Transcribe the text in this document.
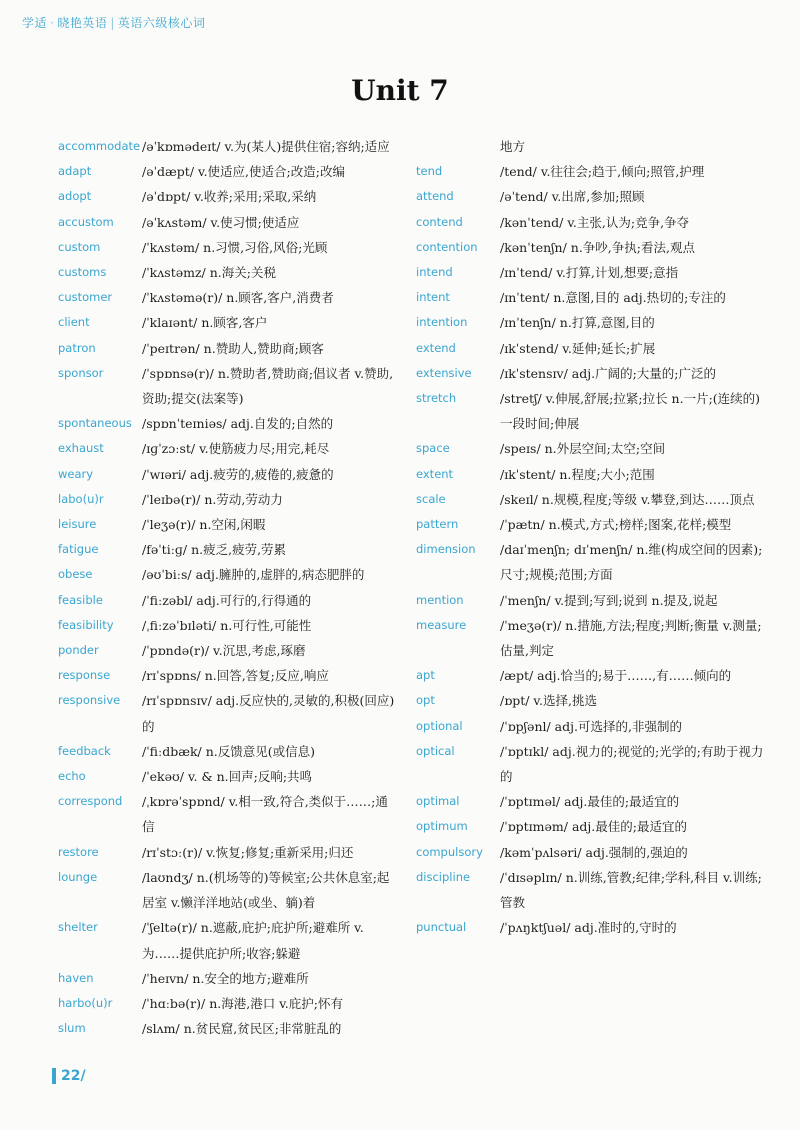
学适 · 晓艳英语 | 英语六级核心词
Unit 7
accommodate /əˈkɒmədeɪt/ v.为(某人)提供住宿;容纳;适应
adapt	/əˈdæpt/ v.使适应,使适合;改造;改编
adopt	/əˈdɒpt/ v.收养;采用;采取,采纳
accustom	/əˈkʌstəm/ v.使习惯;使适应
custom	/ˈkʌstəm/ n.习惯,习俗,风俗;光顾
customs	/ˈkʌstəmz/ n.海关;关税
customer	/ˈkʌstəmə(r)/ n.顾客,客户,消费者
client	/ˈklaɪənt/ n.顾客,客户
patron	/ˈpeɪtrən/ n.赞助人,赞助商;顾客
sponsor	/ˈspɒnsə(r)/ n.赞助者,赞助商;倡议者 v.赞助,资助;提交(法案等)
spontaneous /spɒnˈteɪniəs/ adj.自发的;自然的
exhaust	/ɪɡˈzɔːst/ v.使筋疲力尽;用完,耗尽
weary	/ˈwɪəri/ adj.疲劳的,疲倦的,疲惫的
labo(u)r	/ˈleɪbə(r)/ n.劳动,劳动力
leisure	/ˈleʒə(r)/ n.空闲,闲暇
fatigue	/fəˈtiːɡ/ n.疲乏,疲劳,劳累
obese	/əʊˈbiːs/ adj.臃肿的,虚胖的,病态肥胖的
feasible	/ˈfiːzəbl/ adj.可行的,行得通的
feasibility	/ˌfiːzəˈbɪləti/ n.可行性,可能性
ponder	/ˈpɒndə(r)/ v.沉思,考虑,琢磨
response	/rɪˈspɒns/ n.回答,答复;反应,响应
responsive	/rɪˈspɒnsɪv/ adj.反应快的,灵敏的,积极(回应)的
feedback	/ˈfiːdbæk/ n.反馈意见(或信息)
echo	/ˈekəʊ/ v. & n.回声;反响;共鸣
correspond	/ˌkɒrəˈspɒnd/ v.相一致,符合,类似于……;通信
restore	/rɪˈstɔː(r)/ v.恢复;修复;重新采用;归还
lounge	/laʊndʒ/ n.(机场等的)等候室;公共休息室;起居室 v.懒洋洋地站(或坐、躺)着
shelter	/ˈʃeltə(r)/ n.遮蔽,庇护;庇护所;避难所 v.为……提供庇护所;收容;躲避
haven	/ˈheɪvn/ n.安全的地方;避难所
harbo(u)r	/ˈhɑːbə(r)/ n.海港,港口 v.庇护;怀有
slum	/slʌm/ n.贫民窟,贫民区;非常脏乱的
地方
tend	/tend/ v.往往会;趋于,倾向;照管,护理
attend	/əˈtend/ v.出席,参加;照顾
contend	/kənˈtend/ v.主张,认为;竞争,争夺
contention	/kənˈtenʃn/ n.争吵,争执;看法,观点
intend	/ɪnˈtend/ v.打算,计划,想要;意指
intent	/ɪnˈtent/ n.意图,目的 adj.热切的;专注的
intention	/ɪnˈtenʃn/ n.打算,意图,目的
extend	/ɪkˈstend/ v.延伸;延长;扩展
extensive	/ɪkˈstensɪv/ adj.广阔的;大量的;广泛的
stretch	/stretʃ/ v.伸展,舒展;拉紧;拉长 n.一片;(连续的)一段时间;伸展
space	/speɪs/ n.外层空间;太空;空间
extent	/ɪkˈstent/ n.程度;大小;范围
scale	/skeɪl/ n.规模,程度;等级 v.攀登,到达……顶点
pattern	/ˈpætn/ n.模式,方式;榜样;图案,花样;模型
dimension	/daɪˈmenʃn; dɪˈmenʃn/ n.维(构成空间的因素);尺寸;规模;范围;方面
mention	/ˈmenʃn/ v.提到;写到;说到 n.提及,说起
measure	/ˈmeʒə(r)/ n.措施,方法;程度;判断;衡量 v.测量;估量,判定
apt	/æpt/ adj.恰当的;易于……,有……倾向的
opt	/ɒpt/ v.选择,挑选
optional	/ˈɒpʃənl/ adj.可选择的,非强制的
optical	/ˈɒptɪkl/ adj.视力的;视觉的;光学的;有助于视力的
optimal	/ˈɒptɪməl/ adj.最佳的;最适宜的
optimum	/ˈɒptɪməm/ adj.最佳的;最适宜的
compulsory	/kəmˈpʌlsəri/ adj.强制的,强迫的
discipline	/ˈdɪsəplɪn/ n.训练,管教;纪律;学科,科目 v.训练;管教
punctual	/ˈpʌŋktʃuəl/ adj.准时的,守时的
22/
